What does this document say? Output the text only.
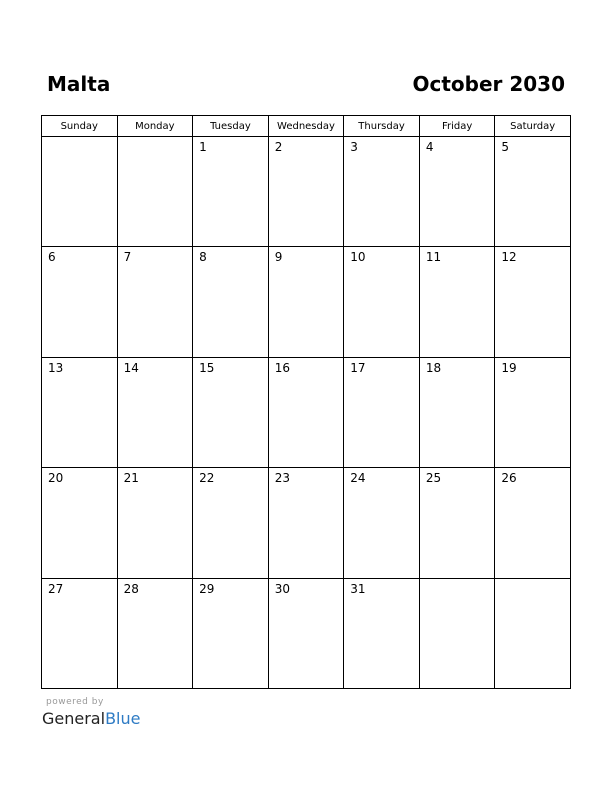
Malta	October 2030
Sunday	Monday	Tuesday	Wednesday	Thursday	Friday	Saturday

		1	2	3	4	5

6	7	8	9	10	11	12

13	14	15	16	17	18	19

20	21	22	23	24	25	26

27	28	29	30	31		

powered by
GeneralBlue
